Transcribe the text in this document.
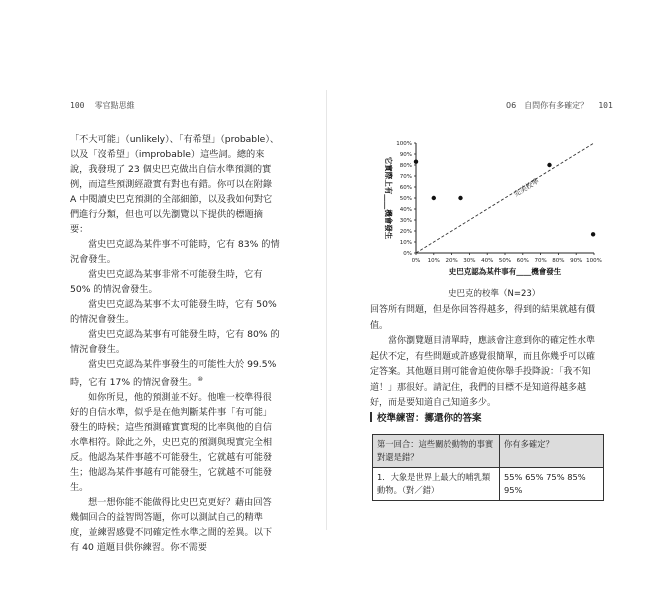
100 零官點思維

「不大可能」（unlikely）、「有希望」（probable）、以及「沒希望」（improbable）這些詞。總的來說，我發現了 23 個史巴克做出自信水準預測的實例，而這些預測經證實有對也有錯。你可以在附錄 A 中閱讀史巴克預測的全部細節，以及我如何對它們進行分類，但也可以先瀏覽以下提供的標題摘要：

當史巴克認為某件事不可能時，它有 83% 的情況會發生。

當史巴克認為某事非常不可能發生時，它有 50% 的情況會發生。

當史巴克認為某事不太可能發生時，它有 50% 的情況會發生。

當史巴克認為某事有可能發生時，它有 80% 的情況會發生。

當史巴克認為某件事發生的可能性大於 99.5% 時，它有 17% 的情況會發生。⑩

如你所見，他的預測並不好。他唯一校準得很好的自信水準，似乎是在他判斷某件事「有可能」發生的時候；這些預測確實實現的比率與他的自信水準相符。除此之外，史巴克的預測與現實完全相反。他認為某件事越不可能發生，它就越有可能發生；他認為某件事越有可能發生，它就越不可能發生。

想一想你能不能做得比史巴克更好？藉由回答幾個回合的益智問答題，你可以測試自己的精準度，並練習感覺不同確定性水準之間的差異。以下有 40 道題目供你練習。你不需要

06　自問你有多確定？ 101
0% 10% 20% 30% 40% 50% 60% 70% 80% 90% 100%
0%
10%
20%
30%
40%
50%
60%
70%
80%
90%
100%
完美校準
史巴克認為某件事有____機會發生
它實際上有____機會發生
史巴克的校準（N=23）

回答所有問題，但是你回答得越多，得到的結果就越有價值。

當你瀏覽題目清單時，應該會注意到你的確定性水準起伏不定，有些問題或許感覺很簡單，而且你幾乎可以確定答案。其他題目則可能會迫使你舉手投降說：「我不知道！」那很好。請記住，我們的目標不是知道得越多越好，而是要知道自己知道多少。

校準練習：擲還你的答案
第一回合：這些關於動物的事實對還是錯？	你有多確定？
1．大象是世界上最大的哺乳類動物。（對／錯）	55% 65% 75% 85% 95%
